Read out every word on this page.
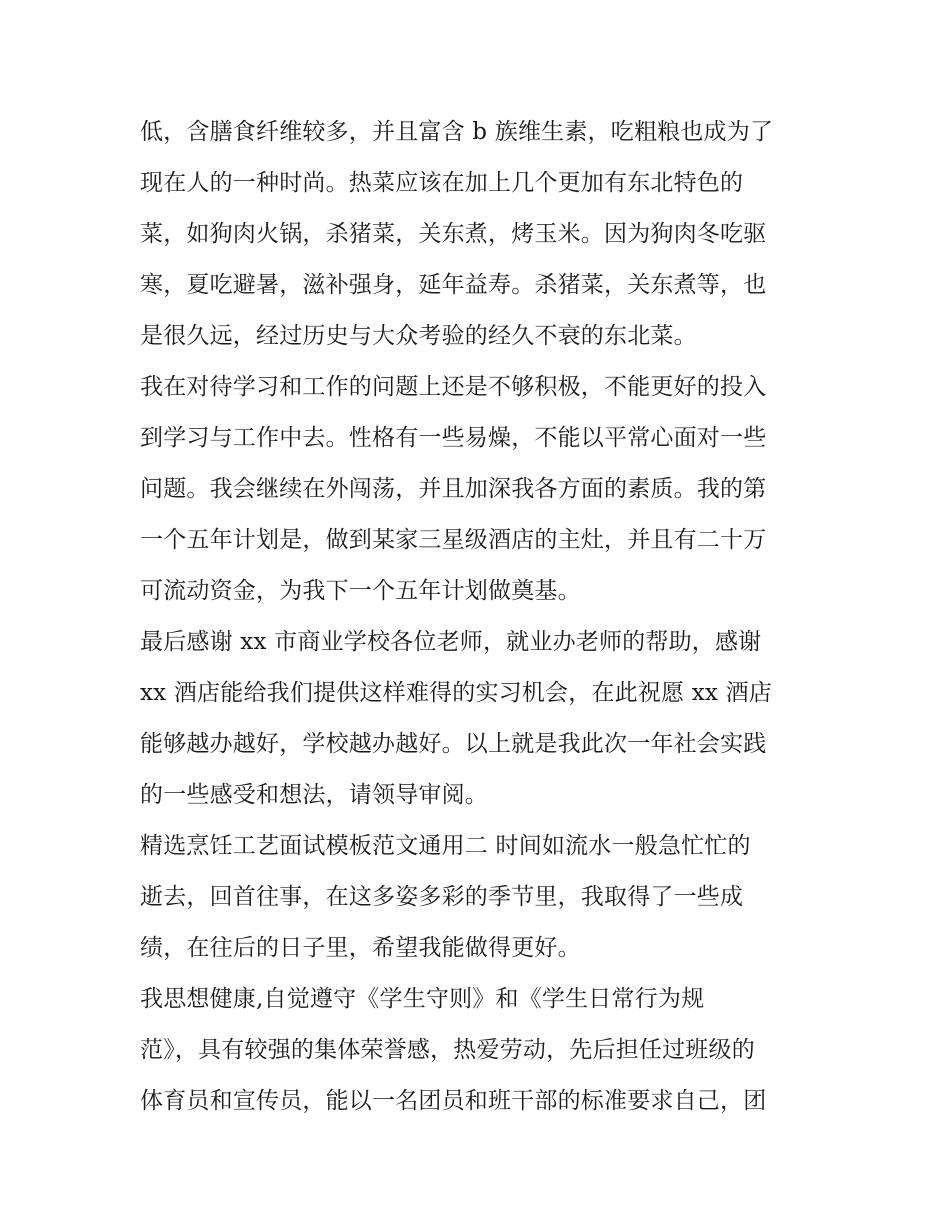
低，含膳食纤维较多，并且富含 b 族维生素，吃粗粮也成为了
现在人的一种时尚。热菜应该在加上几个更加有东北特色的
菜，如狗肉火锅，杀猪菜，关东煮，烤玉米。因为狗肉冬吃驱
寒，夏吃避暑，滋补强身，延年益寿。杀猪菜，关东煮等，也
是很久远，经过历史与大众考验的经久不衰的东北菜。
我在对待学习和工作的问题上还是不够积极，不能更好的投入
到学习与工作中去。性格有一些易燥，不能以平常心面对一些
问题。我会继续在外闯荡，并且加深我各方面的素质。我的第
一个五年计划是，做到某家三星级酒店的主灶，并且有二十万
可流动资金，为我下一个五年计划做奠基。
最后感谢 xx 市商业学校各位老师，就业办老师的帮助，感谢
xx 酒店能给我们提供这样难得的实习机会，在此祝愿 xx 酒店
能够越办越好，学校越办越好。以上就是我此次一年社会实践
的一些感受和想法，请领导审阅。
精选烹饪工艺面试模板范文通用二 时间如流水一般急忙忙的
逝去，回首往事，在这多姿多彩的季节里，我取得了一些成
绩，在往后的日子里，希望我能做得更好。
我思想健康,自觉遵守《学生守则》和《学生日常行为规
范》，具有较强的集体荣誉感，热爱劳动，先后担任过班级的
体育员和宣传员，能以一名团员和班干部的标准要求自己，团
